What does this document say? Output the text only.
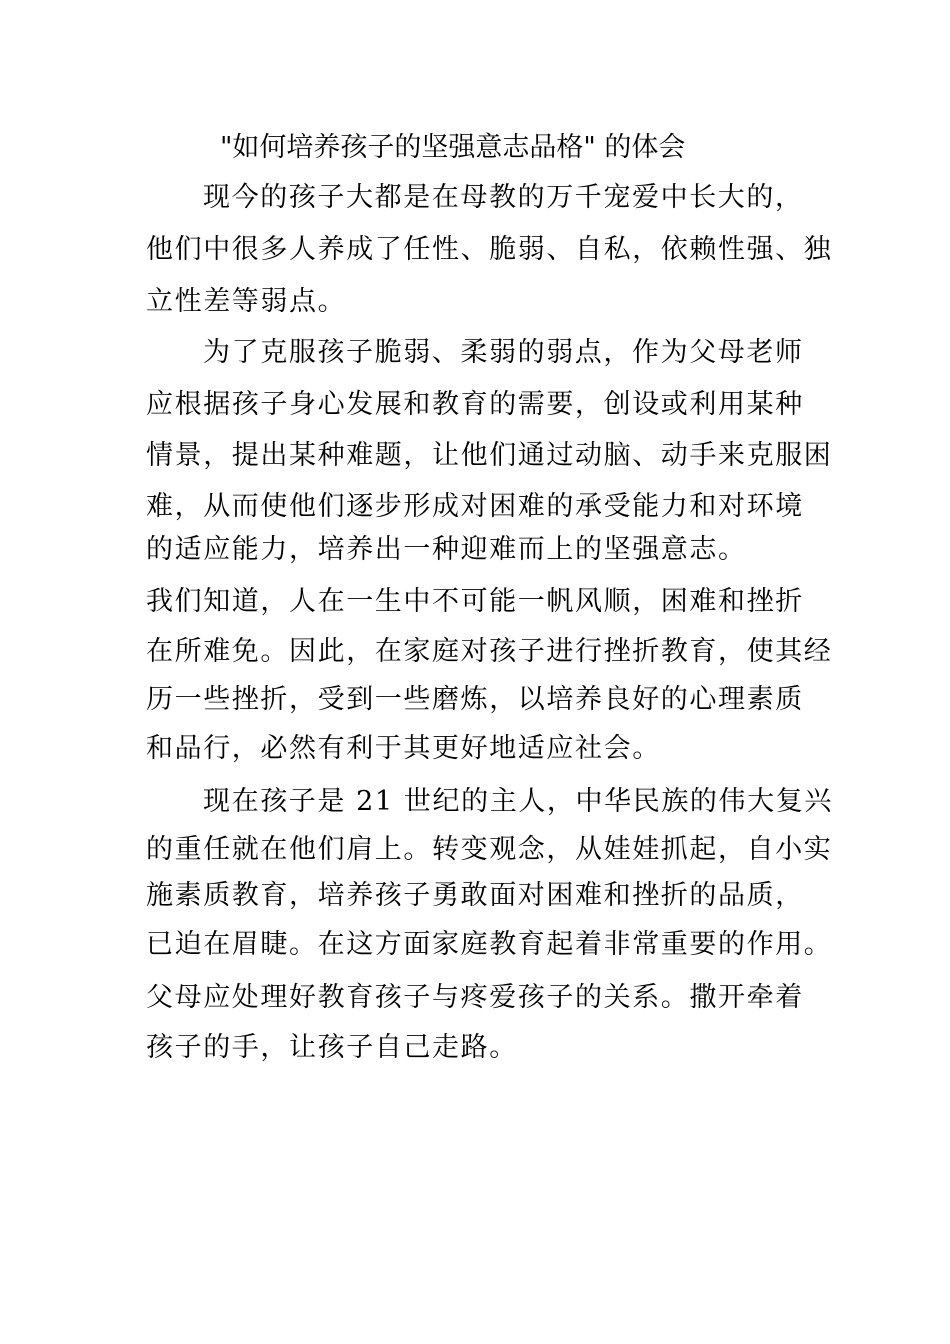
"如何培养孩子的坚强意志品格" 的体会
现今的孩子大都是在母教的万千宠爱中长大的，
他们中很多人养成了任性、脆弱、自私，依赖性强、独
立性差等弱点。
为了克服孩子脆弱、柔弱的弱点，作为父母老师
应根据孩子身心发展和教育的需要，创设或利用某种
情景，提出某种难题，让他们通过动脑、动手来克服困
难，从而使他们逐步形成对困难的承受能力和对环境
的适应能力，培养出一种迎难而上的坚强意志。
我们知道，人在一生中不可能一帆风顺，困难和挫折
在所难免。因此，在家庭对孩子进行挫折教育，使其经
历一些挫折，受到一些磨炼，以培养良好的心理素质
和品行，必然有利于其更好地适应社会。
现在孩子是 21 世纪的主人，中华民族的伟大复兴
的重任就在他们肩上。转变观念，从娃娃抓起，自小实
施素质教育，培养孩子勇敢面对困难和挫折的品质，
已迫在眉睫。在这方面家庭教育起着非常重要的作用。
父母应处理好教育孩子与疼爱孩子的关系。撒开牵着
孩子的手，让孩子自己走路。
